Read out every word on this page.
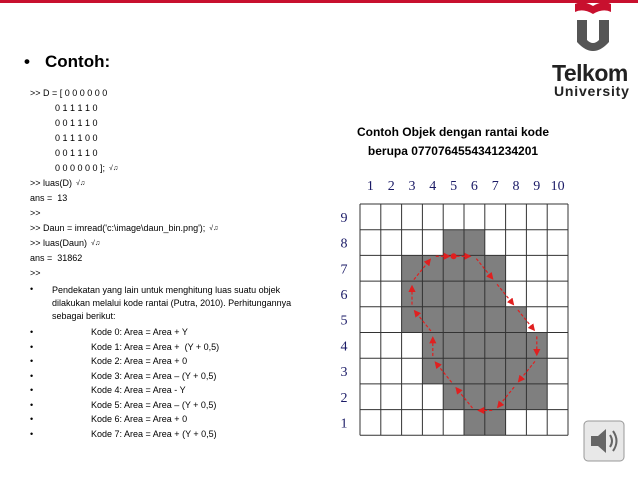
Telkom
University
• Contoh:
>> D = [ 0 0 0 0 0 0
0 1 1 1 1 0
0 0 1 1 1 0
0 1 1 1 0 0
0 0 1 1 1 0
0 0 0 0 0 0 ]; √♫
>> luas(D) √♫
ans =  13
>>
>> Daun = imread('c:\image\daun_bin.png'); √♫
>> luas(Daun) √♫
ans =  31862
>>
• Pendekatan yang lain untuk menghitung luas suatu objek dilakukan melalui kode rantai (Putra, 2010). Perhitungannya sebagai berikut:
•	Kode 0: Area = Area + Y
•	Kode 1: Area = Area +  (Y + 0,5)
•	Kode 2: Area = Area + 0
•	Kode 3: Area = Area – (Y + 0,5)
•	Kode 4: Area = Area - Y
•	Kode 5: Area = Area – (Y + 0,5)
•	Kode 6: Area = Area + 0
•	Kode 7: Area = Area + (Y + 0,5)
Contoh Objek dengan rantai kode
berupa 0770764554341234201
1 2 3 4 5 6 7 8 9 10
9
8
7
6
5
4
3
2
1
